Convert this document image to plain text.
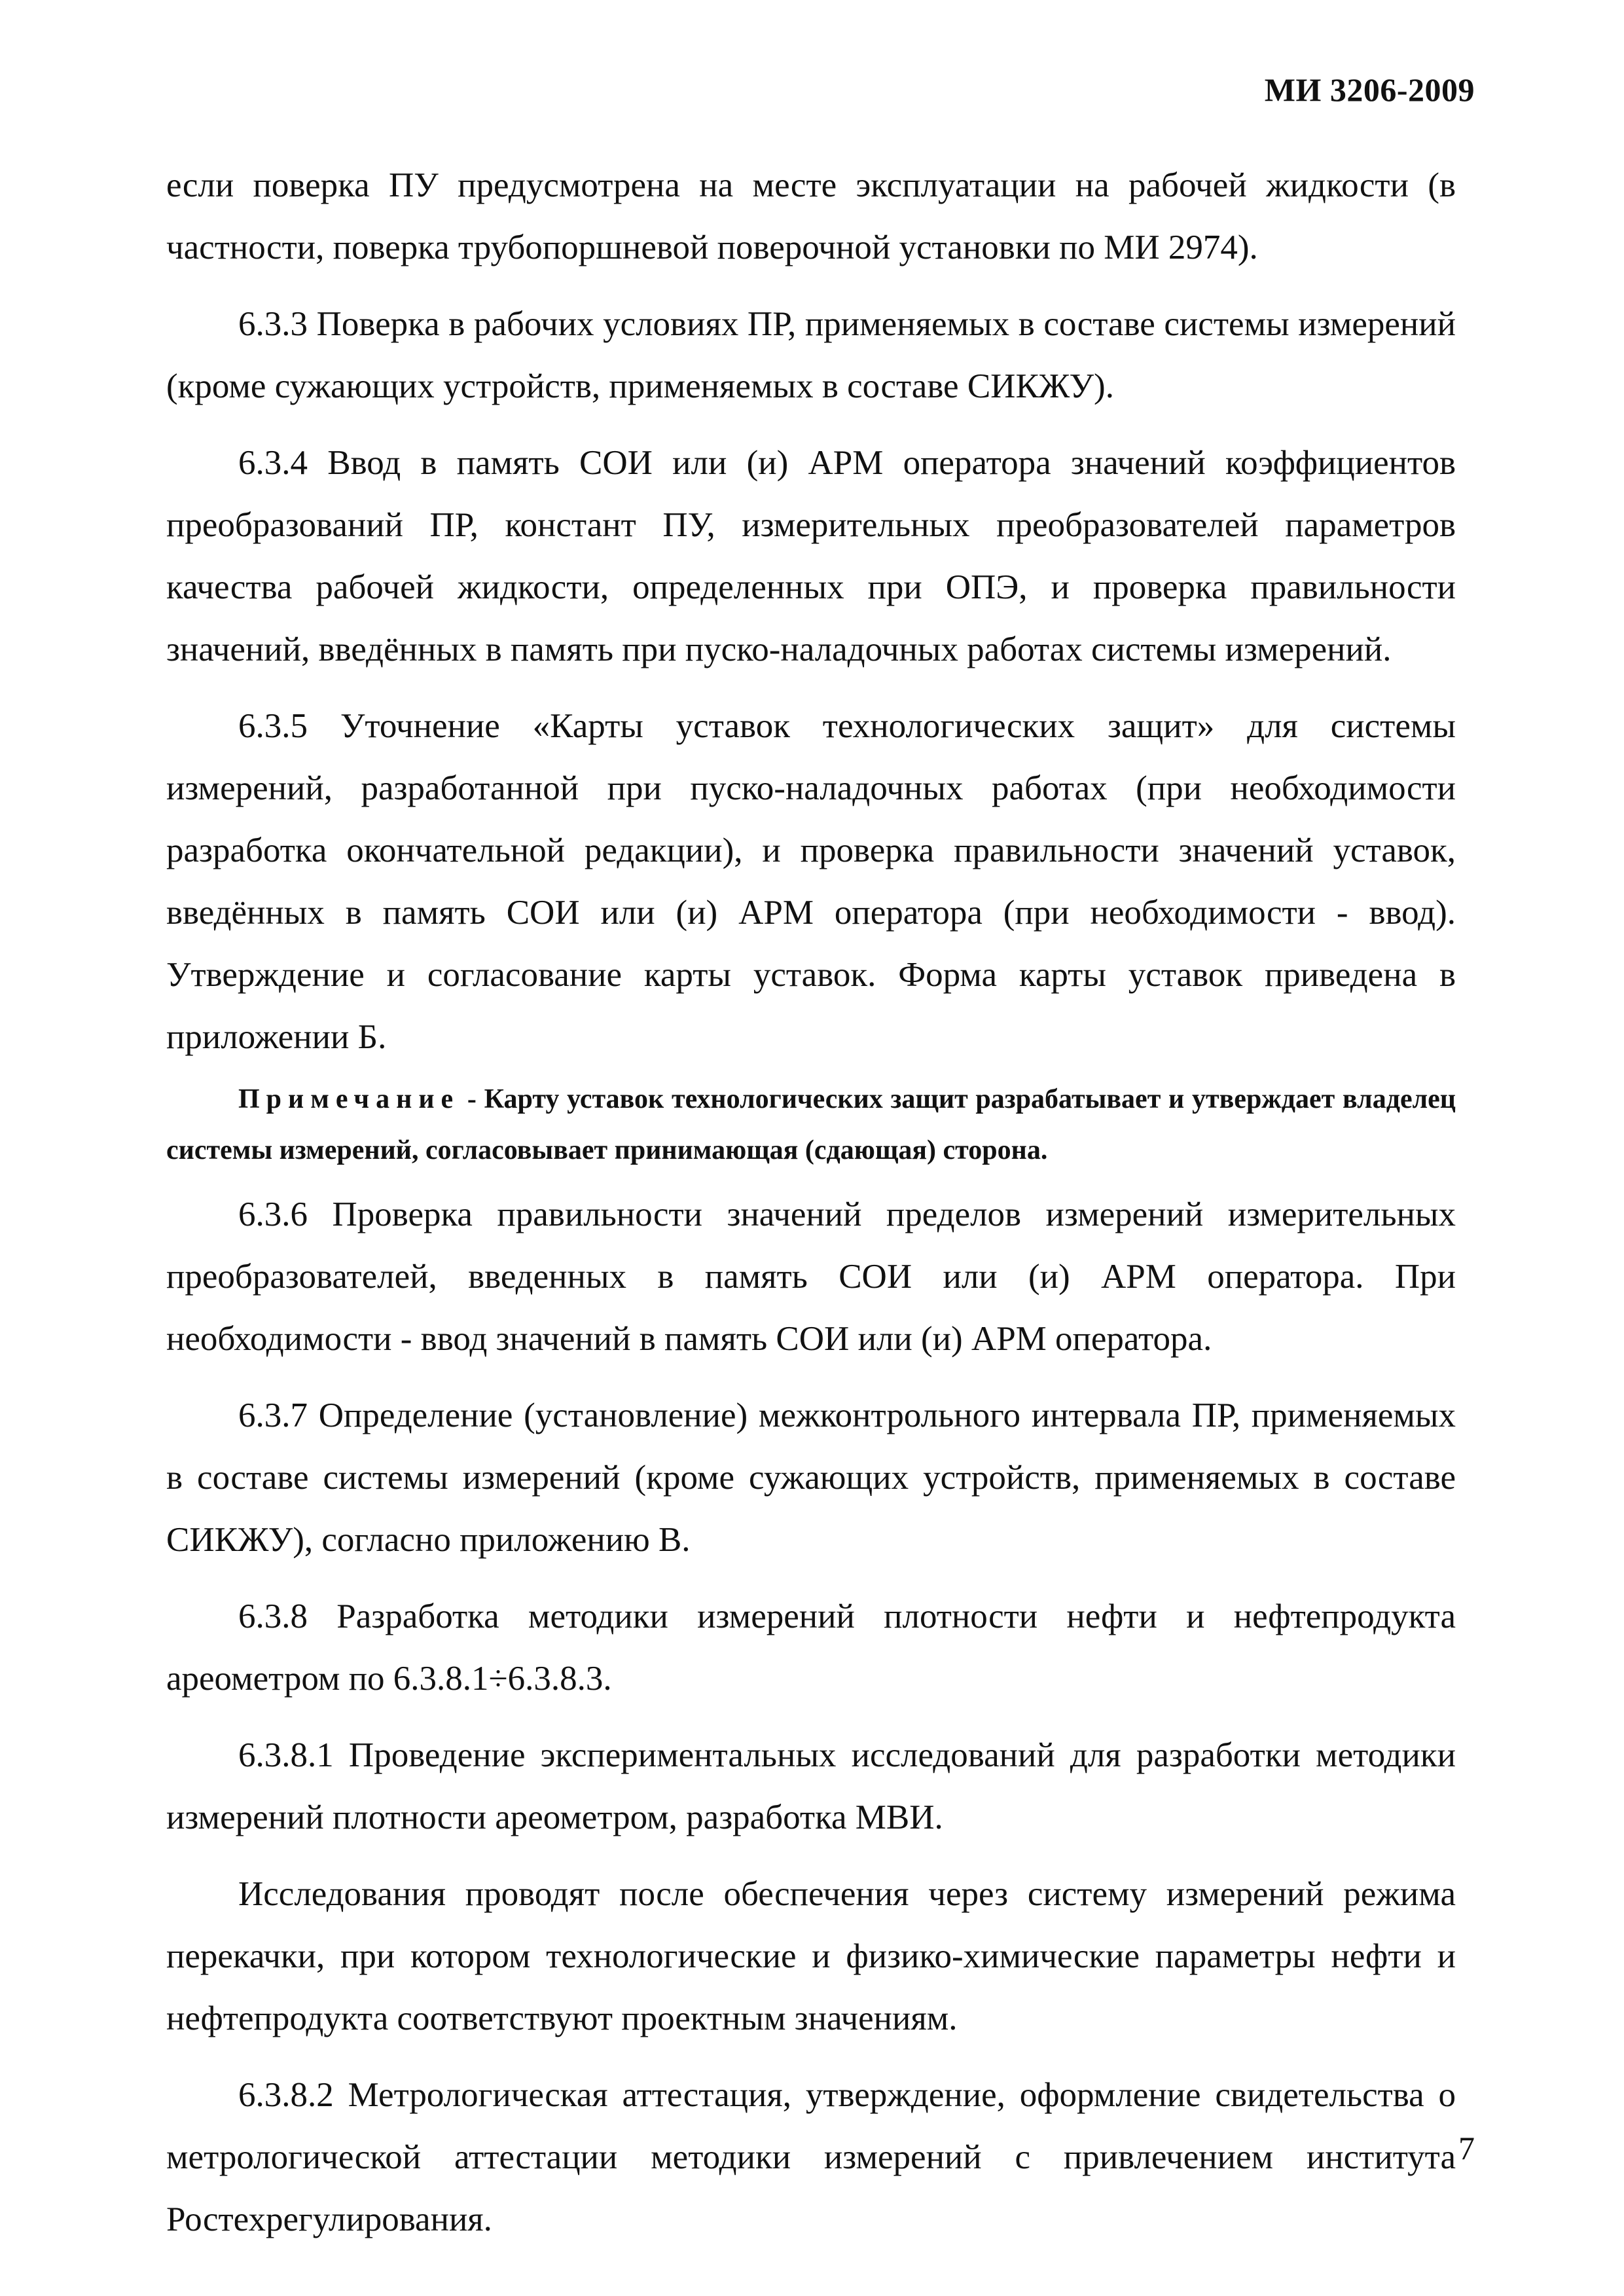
МИ 3206-2009

если поверка ПУ предусмотрена на месте эксплуатации на рабочей жидкости (в частности, поверка трубопоршневой поверочной установки по МИ 2974).

6.3.3 Поверка в рабочих условиях ПР, применяемых в составе системы измерений (кроме сужающих устройств, применяемых в составе СИКЖУ).

6.3.4 Ввод в память СОИ или (и) АРМ оператора значений коэффициентов преобразований ПР, констант ПУ, измерительных преобразователей параметров качества рабочей жидкости, определенных при ОПЭ, и проверка правильности значений, введённых в память при пуско-наладочных работах системы измерений.

6.3.5 Уточнение «Карты уставок технологических защит» для системы измерений, разработанной при пуско-наладочных работах (при необходимости разработка окончательной редакции), и проверка правильности значений уставок, введённых в память СОИ или (и) АРМ оператора (при необходимости - ввод). Утверждение и согласование карты уставок. Форма карты уставок приведена в приложении Б.

Примечание - Карту уставок технологических защит разрабатывает и утверждает владелец системы измерений, согласовывает принимающая (сдающая) сторона.

6.3.6 Проверка правильности значений пределов измерений измерительных преобразователей, введенных в память СОИ или (и) АРМ оператора. При необходимости - ввод значений в память СОИ или (и) АРМ оператора.

6.3.7 Определение (установление) межконтрольного интервала ПР, применяемых в составе системы измерений (кроме сужающих устройств, применяемых в составе СИКЖУ), согласно приложению В.

6.3.8 Разработка методики измерений плотности нефти и нефтепродукта ареометром по 6.3.8.1÷6.3.8.3.

6.3.8.1 Проведение экспериментальных исследований для разработки методики измерений плотности ареометром, разработка МВИ.

Исследования проводят после обеспечения через систему измерений режима перекачки, при котором технологические и физико-химические параметры нефти и нефтепродукта соответствуют проектным значениям.

6.3.8.2 Метрологическая аттестация, утверждение, оформление свидетельства о метрологической аттестации методики измерений с привлечением института Ростехрегулирования.

7
